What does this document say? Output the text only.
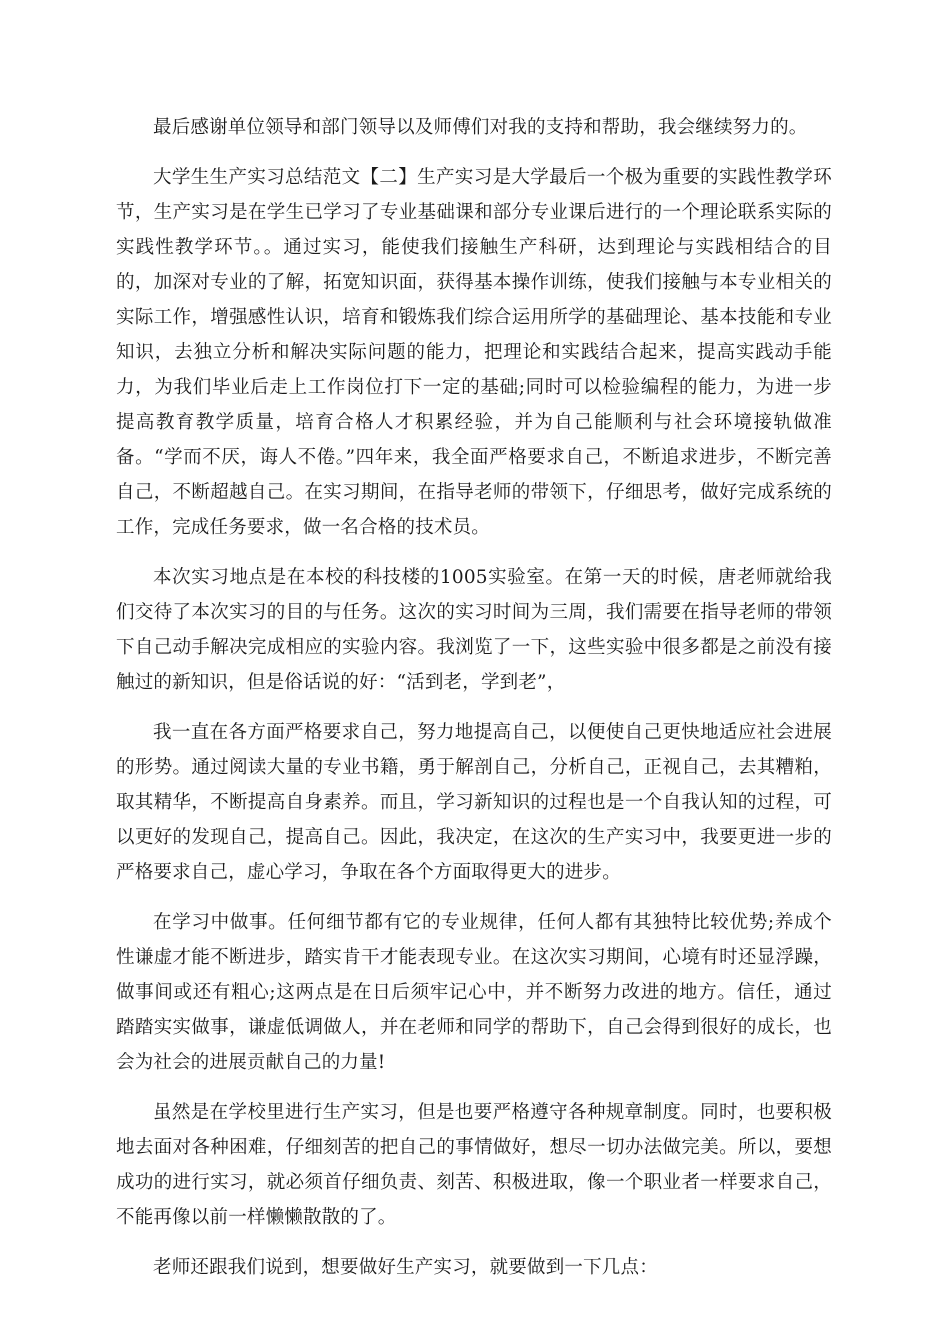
最后感谢单位领导和部门领导以及师傅们对我的支持和帮助，我会继续努力的。

大学生生产实习总结范文【二】生产实习是大学最后一个极为重要的实践性教学环节，生产实习是在学生已学习了专业基础课和部分专业课后进行的一个理论联系实际的实践性教学环节。。通过实习，能使我们接触生产科研，达到理论与实践相结合的目的，加深对专业的了解，拓宽知识面，获得基本操作训练，使我们接触与本专业相关的实际工作，增强感性认识，培育和锻炼我们综合运用所学的基础理论、基本技能和专业知识，去独立分析和解决实际问题的能力，把理论和实践结合起来，提高实践动手能力，为我们毕业后走上工作岗位打下一定的基础;同时可以检验编程的能力，为进一步提高教育教学质量，培育合格人才积累经验，并为自己能顺利与社会环境接轨做准备。“学而不厌，诲人不倦。”四年来，我全面严格要求自己，不断追求进步，不断完善自己，不断超越自己。在实习期间，在指导老师的带领下，仔细思考，做好完成系统的工作，完成任务要求，做一名合格的技术员。

本次实习地点是在本校的科技楼的1005实验室。在第一天的时候，唐老师就给我们交待了本次实习的目的与任务。这次的实习时间为三周，我们需要在指导老师的带领下自己动手解决完成相应的实验内容。我浏览了一下，这些实验中很多都是之前没有接触过的新知识，但是俗话说的好：“活到老，学到老”，

我一直在各方面严格要求自己，努力地提高自己，以便使自己更快地适应社会进展的形势。通过阅读大量的专业书籍，勇于解剖自己，分析自己，正视自己，去其糟粕，取其精华，不断提高自身素养。而且，学习新知识的过程也是一个自我认知的过程，可以更好的发现自己，提高自己。因此，我决定，在这次的生产实习中，我要更进一步的严格要求自己，虚心学习，争取在各个方面取得更大的进步。

在学习中做事。任何细节都有它的专业规律，任何人都有其独特比较优势;养成个性谦虚才能不断进步，踏实肯干才能表现专业。在这次实习期间，心境有时还显浮躁，做事间或还有粗心;这两点是在日后须牢记心中，并不断努力改进的地方。信任，通过踏踏实实做事，谦虚低调做人，并在老师和同学的帮助下，自己会得到很好的成长，也会为社会的进展贡献自己的力量!

虽然是在学校里进行生产实习，但是也要严格遵守各种规章制度。同时，也要积极地去面对各种困难，仔细刻苦的把自己的事情做好，想尽一切办法做完美。所以，要想成功的进行实习，就必须首仔细负责、刻苦、积极进取，像一个职业者一样要求自己，不能再像以前一样懒懒散散的了。

老师还跟我们说到，想要做好生产实习，就要做到一下几点：
